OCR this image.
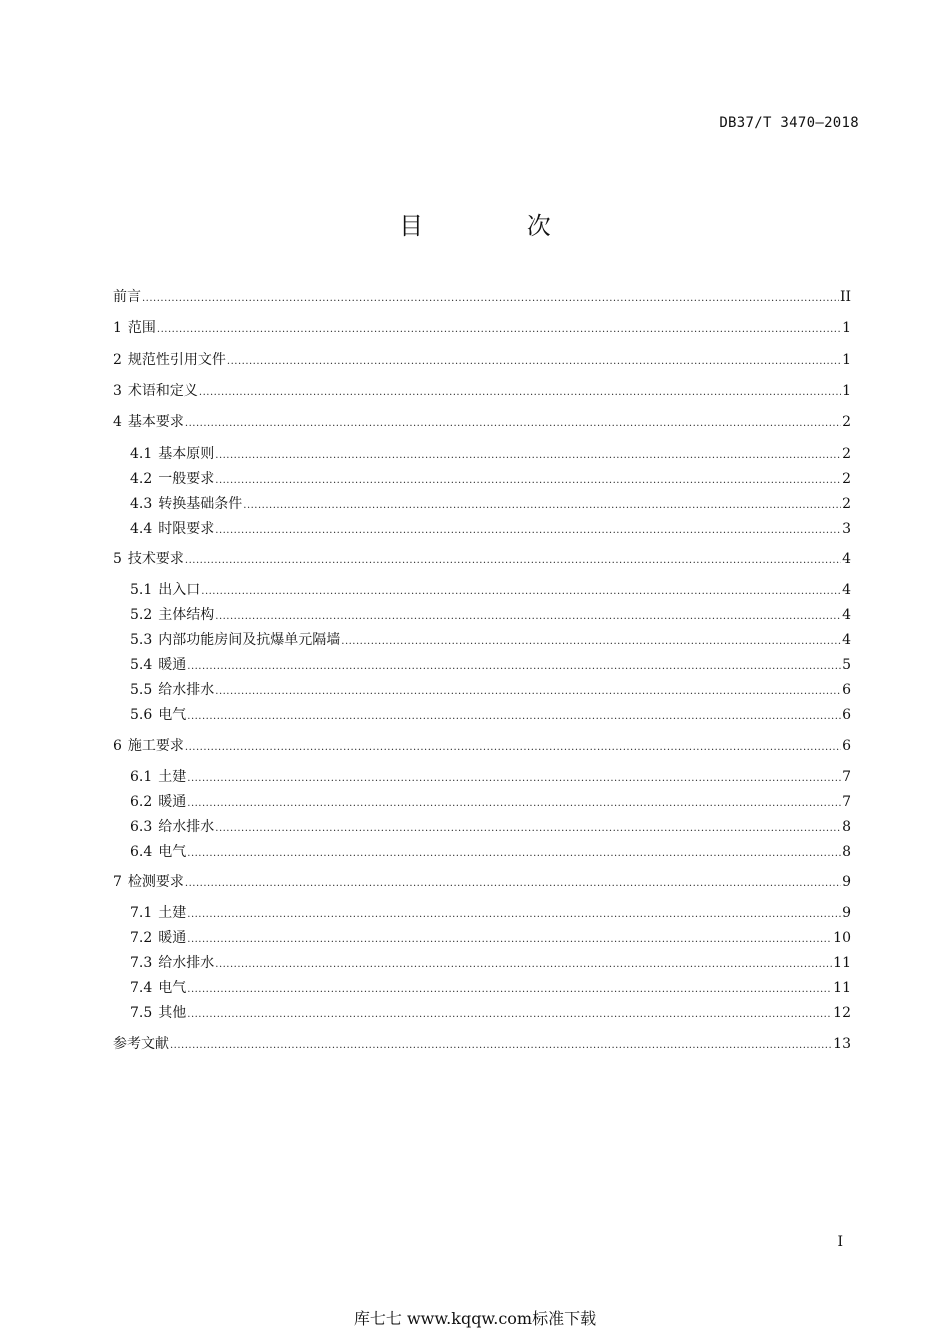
DB37/T 3470—2018
目 次
前言 .....	II
1 范围 .....	1
2 规范性引用文件 .....	1
3 术语和定义 .....	1
4 基本要求 .....	2
4.1 基本原则 .....	2
4.2 一般要求 .....	2
4.3 转换基础条件 .....	2
4.4 时限要求 .....	3
5 技术要求 .....	4
5.1 出入口 .....	4
5.2 主体结构 .....	4
5.3 内部功能房间及抗爆单元隔墙 .....	4
5.4 暖通 .....	5
5.5 给水排水 .....	6
5.6 电气 .....	6
6 施工要求 .....	6
6.1 土建 .....	7
6.2 暖通 .....	7
6.3 给水排水 .....	8
6.4 电气 .....	8
7 检测要求 .....	9
7.1 土建 .....	9
7.2 暖通 .....	10
7.3 给水排水 .....	11
7.4 电气 .....	11
7.5 其他 .....	12
参考文献 .....	13
I
库七七 www.kqqw.com标准下载
